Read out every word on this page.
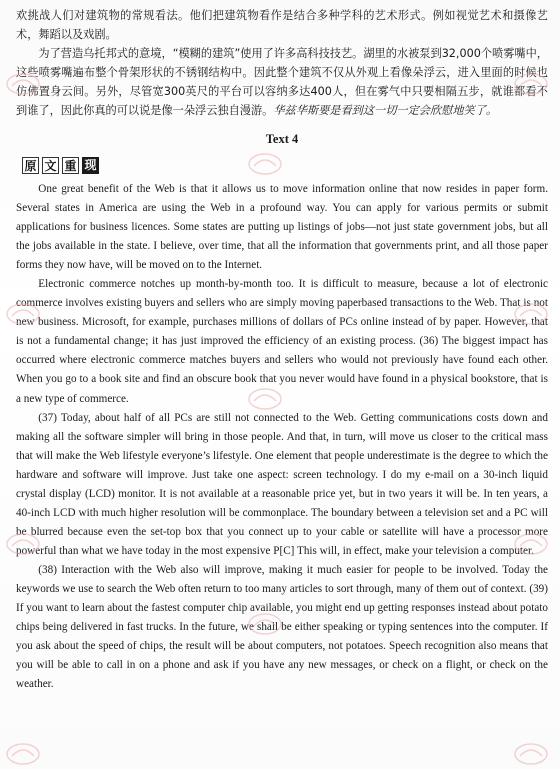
欢挑战人们对建筑物的常规看法。他们把建筑物看作是结合多种学科的艺术形式。例如视觉艺术和摄像艺术，舞蹈以及戏剧。

为了营造乌托邦式的意境，“模糊的建筑”使用了许多高科技技艺。湖里的水被泵到32,000个喷雾嘴中，这些喷雾嘴遍布整个骨架形状的不锈钢结构中。因此整个建筑不仅从外观上看像朵浮云，进入里面的时候也仿佛置身云间。另外，尽管宽300英尺的平台可以容纳多达400人，但在雾气中只要相隔五步，就谁都看不到谁了，因此你真的可以说是像一朵浮云独自漫游。华兹华斯要是看到这一切一定会欣慰地笑了。

Text 4
原 文 重 现

One great benefit of the Web is that it allows us to move information online that now resides in paper form. Several states in America are using the Web in a profound way. You can apply for various permits or submit applications for business licences. Some states are putting up listings of jobs—not just state government jobs, but all the jobs available in the state. I believe, over time, that all the information that governments print, and all those paper forms they now have, will be moved on to the Internet.

Electronic commerce notches up month-by-month too. It is difficult to measure, because a lot of electronic commerce involves existing buyers and sellers who are simply moving paperbased transactions to the Web. That is not new business. Microsoft, for example, purchases millions of dollars of PCs online instead of by paper. However, that is not a fundamental change; it has just improved the efficiency of an existing process. (36) The biggest impact has occurred where electronic commerce matches buyers and sellers who would not previously have found each other. When you go to a book site and find an obscure book that you never would have found in a physical bookstore, that is a new type of commerce.

(37) Today, about half of all PCs are still not connected to the Web. Getting communications costs down and making all the software simpler will bring in those people. And that, in turn, will move us closer to the critical mass that will make the Web lifestyle everyone’s lifestyle. One element that people underestimate is the degree to which the hardware and software will improve. Just take one aspect: screen technology. I do my e-mail on a 30-inch liquid crystal display (LCD) monitor. It is not available at a reasonable price yet, but in two years it will be. In ten years, a 40-inch LCD with much higher resolution will be commonplace. The boundary between a television set and a PC will be blurred because even the set-top box that you connect up to your cable or satellite will have a processor more powerful than what we have today in the most expensive P[C] This will, in effect, make your television a computer.

(38) Interaction with the Web also will improve, making it much easier for people to be involved. Today the keywords we use to search the Web often return to too many articles to sort through, many of them out of context. (39) If you want to learn about the fastest computer chip available, you might end up getting responses instead about potato chips being delivered in fast trucks. In the future, we shall be either speaking or typing sentences into the computer. If you ask about the speed of chips, the result will be about computers, not potatoes. Speech recognition also means that you will be able to call in on a phone and ask if you have any new messages, or check on a flight, or check on the weather.
